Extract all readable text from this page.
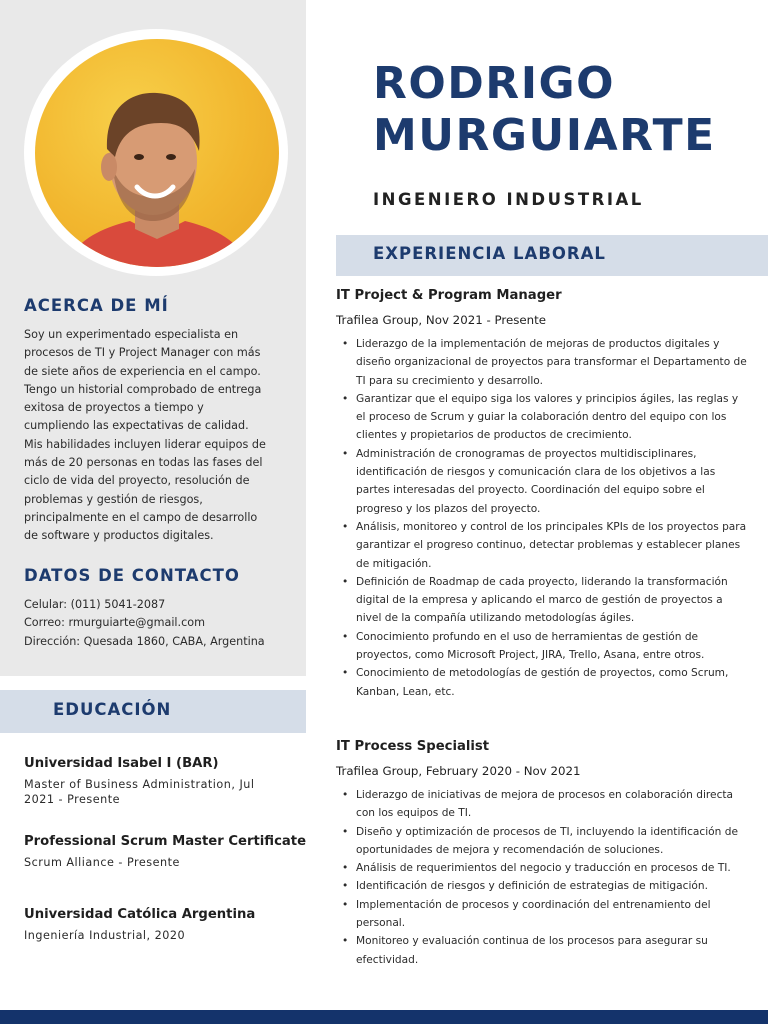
ACERCA DE MÍ

Soy un experimentado especialista en procesos de TI y Project Manager con más de siete años de experiencia en el campo. Tengo un historial comprobado de entrega exitosa de proyectos a tiempo y cumpliendo las expectativas de calidad.

Mis habilidades incluyen liderar equipos de más de 20 personas en todas las fases del ciclo de vida del proyecto, resolución de problemas y gestión de riesgos, principalmente en el campo de desarrollo de software y productos digitales.

DATOS DE CONTACTO
Celular: (011) 5041-2087
Correo: rmurguiarte@gmail.com
Dirección: Quesada 1860, CABA, Argentina
EDUCACIÓN
Universidad Isabel I (BAR)
Master of Business Administration, Jul 2021 - Presente
Professional Scrum Master Certificate
Scrum Alliance - Presente
Universidad Católica Argentina
Ingeniería Industrial, 2020
RODRIGO
MURGUIARTE
INGENIERO INDUSTRIAL
EXPERIENCIA LABORAL
IT Project & Program Manager
Trafilea Group, Nov 2021 - Presente
• Liderazgo de la implementación de mejoras de productos digitales y diseño organizacional de proyectos para transformar el Departamento de TI para su crecimiento y desarrollo.
• Garantizar que el equipo siga los valores y principios ágiles, las reglas y el proceso de Scrum y guiar la colaboración dentro del equipo con los clientes y propietarios de productos de crecimiento.
• Administración de cronogramas de proyectos multidisciplinares, identificación de riesgos y comunicación clara de los objetivos a las partes interesadas del proyecto. Coordinación del equipo sobre el progreso y los plazos del proyecto.
• Análisis, monitoreo y control de los principales KPIs de los proyectos para garantizar el progreso continuo, detectar problemas y establecer planes de mitigación.
• Definición de Roadmap de cada proyecto, liderando la transformación digital de la empresa y aplicando el marco de gestión de proyectos a nivel de la compañía utilizando metodologías ágiles.
• Conocimiento profundo en el uso de herramientas de gestión de proyectos, como Microsoft Project, JIRA, Trello, Asana, entre otros.
• Conocimiento de metodologías de gestión de proyectos, como Scrum, Kanban, Lean, etc.
IT Process Specialist
Trafilea Group, February 2020 - Nov 2021
• Liderazgo de iniciativas de mejora de procesos en colaboración directa con los equipos de TI.
• Diseño y optimización de procesos de TI, incluyendo la identificación de oportunidades de mejora y recomendación de soluciones.
• Análisis de requerimientos del negocio y traducción en procesos de TI.
• Identificación de riesgos y definición de estrategias de mitigación.
• Implementación de procesos y coordinación del entrenamiento del personal.
• Monitoreo y evaluación continua de los procesos para asegurar su efectividad.
